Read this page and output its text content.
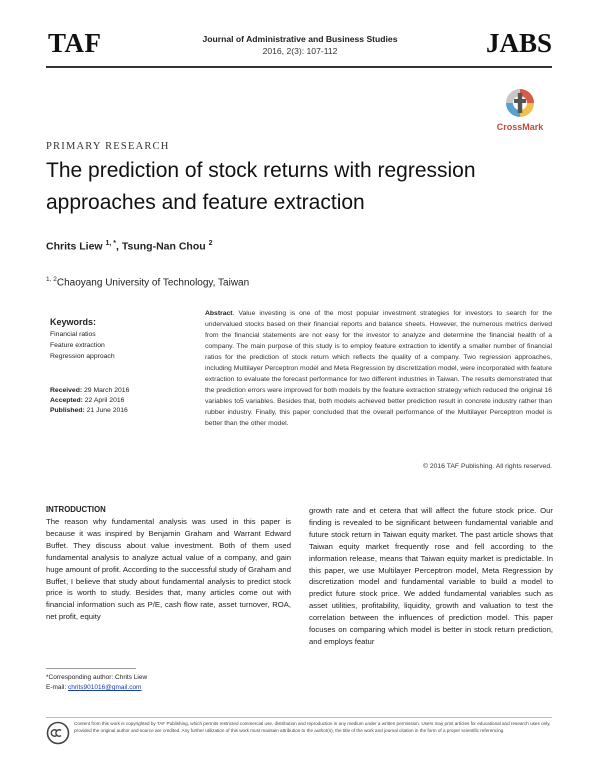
TAF	Journal of Administrative and Business Studies
2016, 2(3): 107-112	JABS
CrossMark
PRIMARY RESEARCH
The prediction of stock returns with regression approaches and feature extraction
Chrits Liew $^{1, *}$, Tsung-Nan Chou $^2$
$^{1, 2}$Chaoyang University of Technology, Taiwan
Keywords:
Financial ratios
Feature extraction
Regression approach
Received: 29 March 2016
Accepted: 22 April 2016
Published: 21 June 2016
Abstract. Value investing is one of the most popular investment strategies for investors to search for the undervalued stocks based on their financial reports and balance sheets. However, the numerous metrics derived from the financial statements are not easy for the investor to analyze and determine the financial health of a company. The main purpose of this study is to employ feature extraction to identify a smaller number of financial ratios for the prediction of stock return which reflects the quality of a company. Two regression approaches, including Multilayer Perceptron model and Meta Regression by discretization model, were incorporated with feature extraction to evaluate the forecast performance for two different industries in Taiwan. The results demonstrated that the prediction errors were improved for both models by the feature extraction strategy which reduced the original 16 variables to5 variables. Besides that, both models achieved better prediction result in concrete industry rather than rubber industry. Finally, this paper concluded that the overall performance of the Multilayer Perceptron model is better than the other model.
© 2016 TAF Publishing. All rights reserved.
INTRODUCTION
The reason why fundamental analysis was used in this paper is because it was inspired by Benjamin Graham and Warrant Edward Buffet. They discuss about value investment. Both of them used fundamental analysis to analyze actual value of a company, and gain huge amount of profit. According to the successful study of Graham and Buffet, I believe that study about fundamental analysis to predict stock price is worth to study. Besides that, many articles come out with financial information such as P/E, cash flow rate, asset turnover, ROA, net profit, equity
growth rate and et cetera that will affect the future stock price. Our finding is revealed to be significant between fundamental variable and future stock return in Taiwan equity market. The past article shows that Taiwan equity market frequently rose and fell according to the information release, means that Taiwan equity market is predictable. In this paper, we use Multilayer Perceptron model, Meta Regression by discretization model and fundamental variable to build a model to predict future stock price. We added fundamental variables such as asset utilities, profitability, liquidity, growth and valuation to test the correlation between the influences of prediction model. This paper focuses on comparing which model is better in stock return prediction, and employs featur
*Corresponding author: Chrits Liew
E-mail: chrits901016@gmail.com
Content from this work is copyrighted by TAF Publishing, which permits restricted commercial use, distribution and reproduction in any medium under a written permission. Users may print articles for educational and research uses only, provided the original author and source are credited. Any further utilization of this work must maintain attribution to the author(s), the title of the work and journal citation in the form of a proper scientific referencing.
